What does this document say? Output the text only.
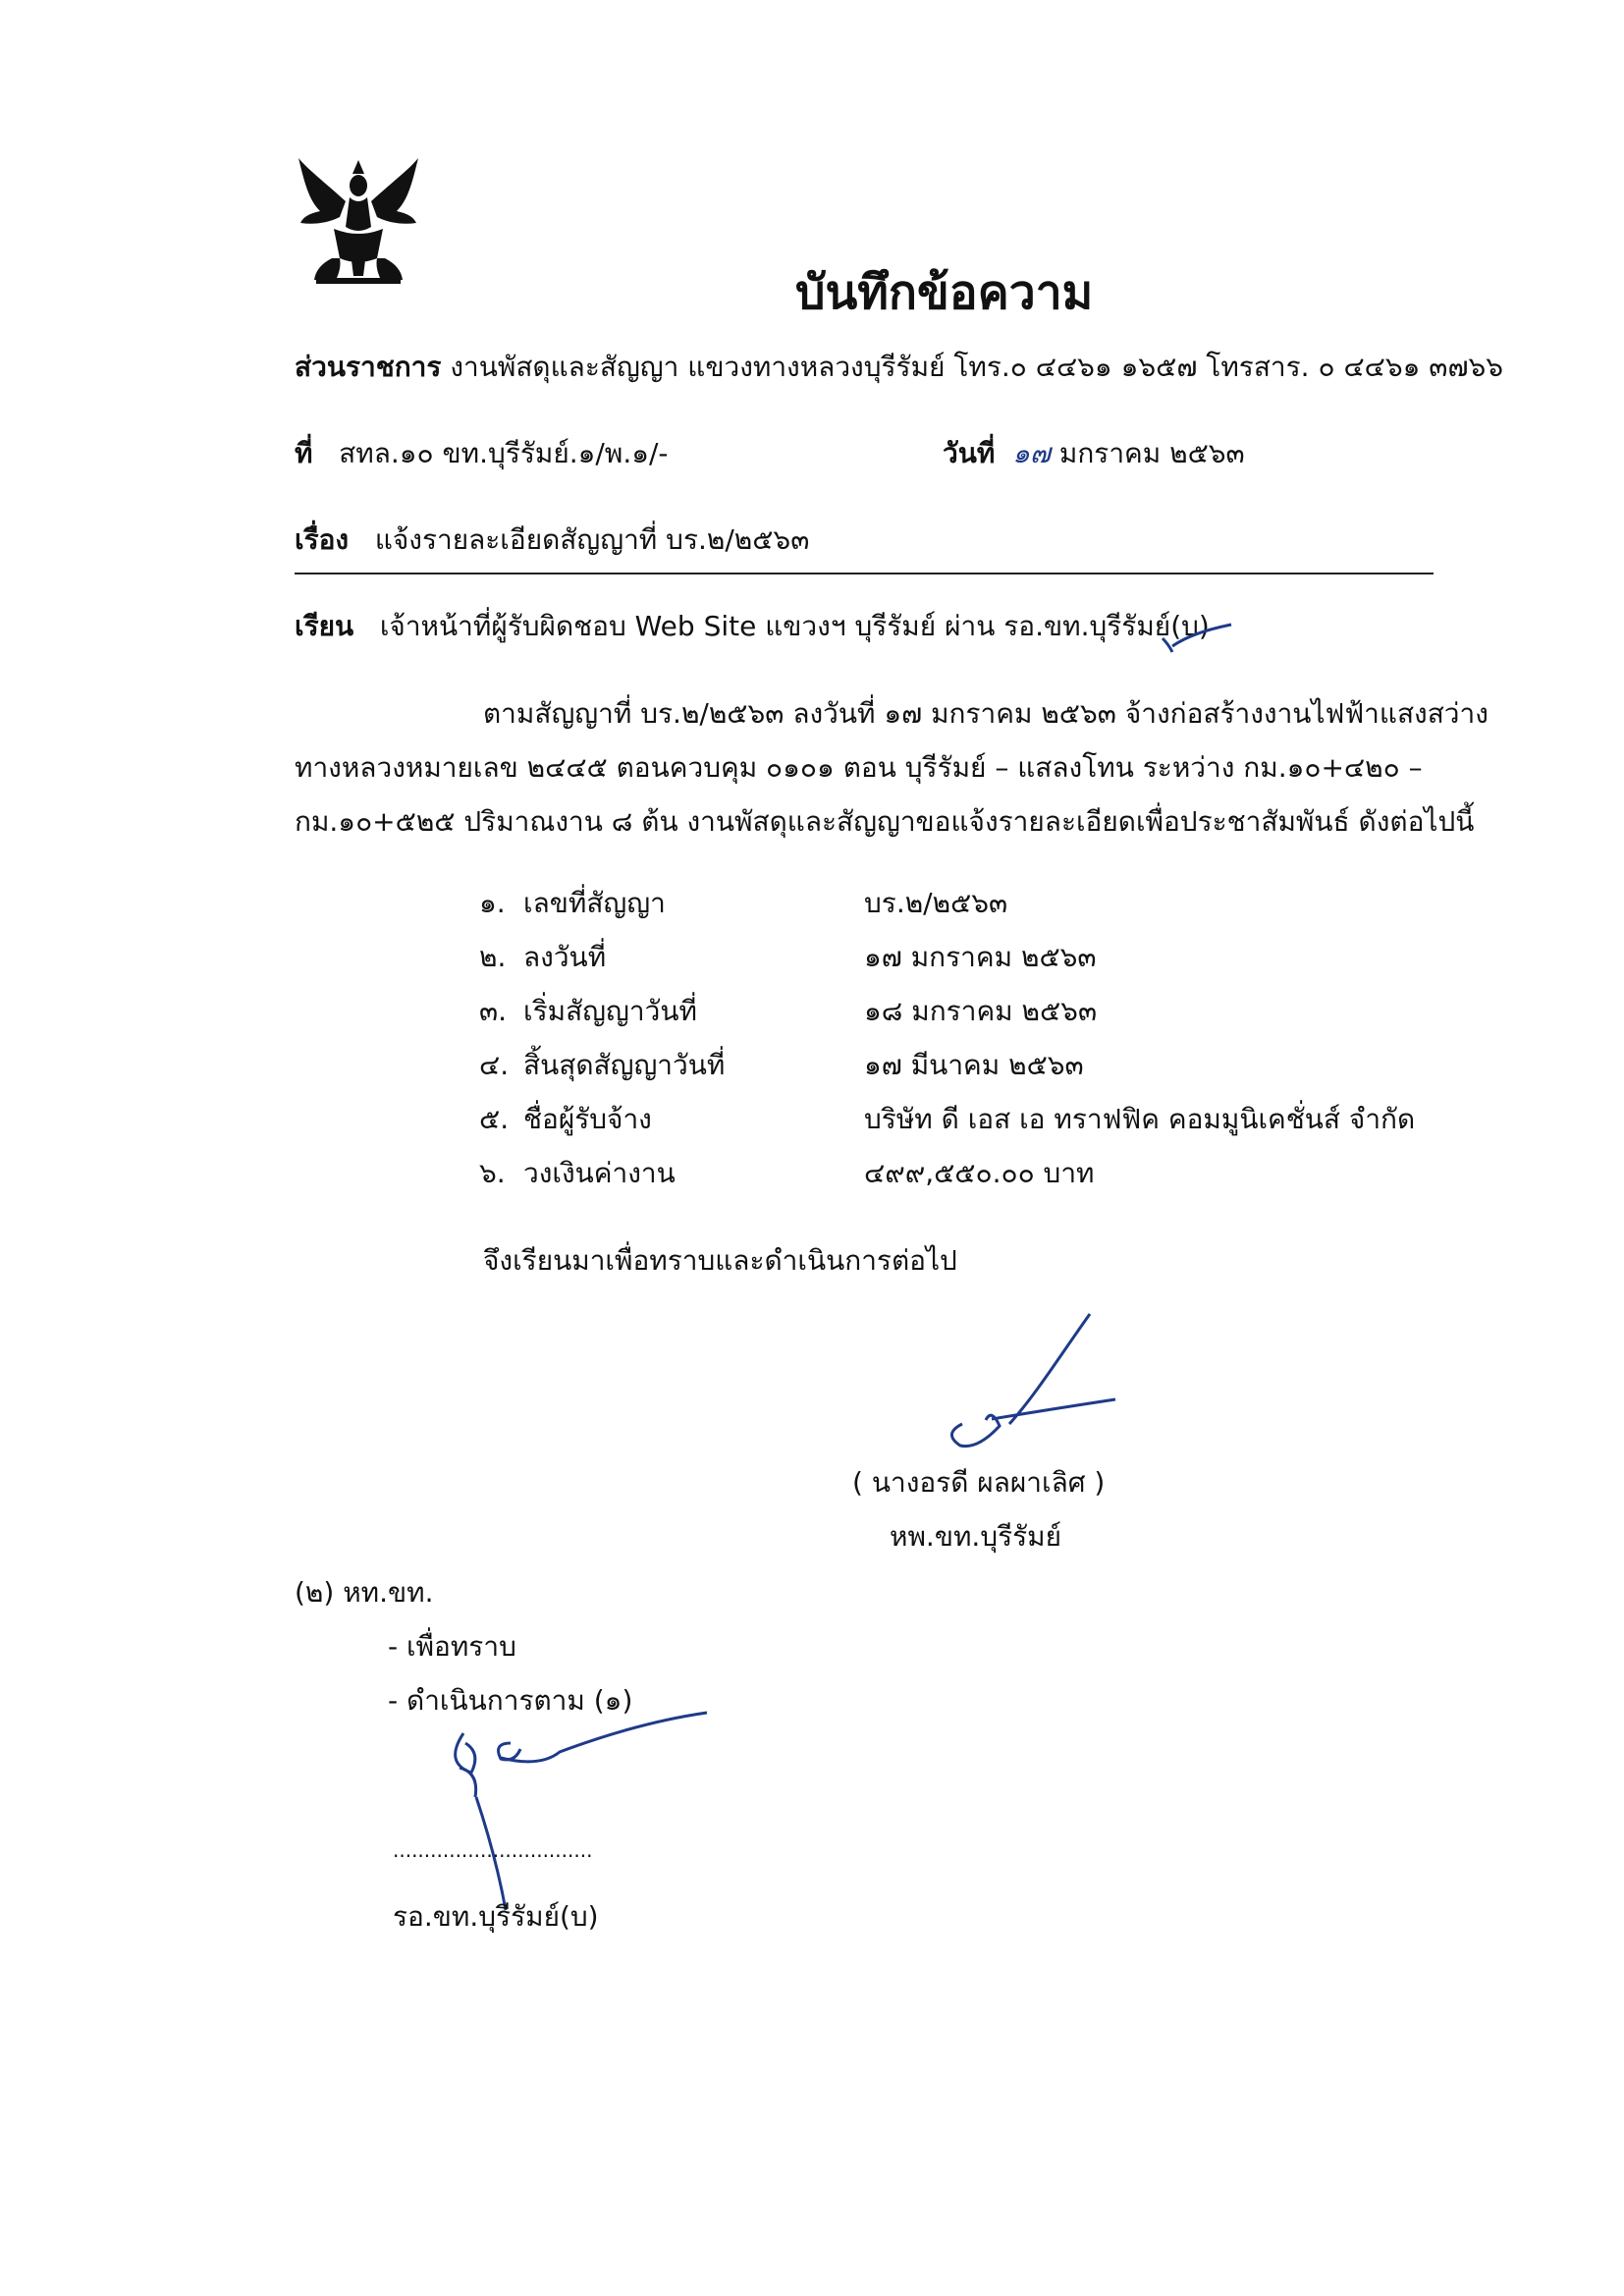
บันทึกข้อความ
ส่วนราชการ งานพัสดุและสัญญา แขวงทางหลวงบุรีรัมย์ โทร.๐ ๔๔๖๑ ๑๖๕๗ โทรสาร. ๐ ๔๔๖๑ ๓๗๖๖
ที่ สทล.๑๐ ขท.บุรีรัมย์.๑/พ.๑/-	วันที่ ๑๗ มกราคม ๒๕๖๓
เรื่อง แจ้งรายละเอียดสัญญาที่ บร.๒/๒๕๖๓
เรียน เจ้าหน้าที่ผู้รับผิดชอบ Web Site แขวงฯ บุรีรัมย์ ผ่าน รอ.ขท.บุรีรัมย์(บ)
ตามสัญญาที่ บร.๒/๒๕๖๓ ลงวันที่ ๑๗ มกราคม ๒๕๖๓ จ้างก่อสร้างงานไฟฟ้าแสงสว่าง
ทางหลวงหมายเลข ๒๔๔๕ ตอนควบคุม ๐๑๐๑ ตอน บุรีรัมย์ – แสลงโทน ระหว่าง กม.๑๐+๔๒๐ –
กม.๑๐+๕๒๕ ปริมาณงาน ๘ ต้น งานพัสดุและสัญญาขอแจ้งรายละเอียดเพื่อประชาสัมพันธ์ ดังต่อไปนี้
๑. เลขที่สัญญา	บร.๒/๒๕๖๓
๒. ลงวันที่	๑๗ มกราคม ๒๕๖๓
๓. เริ่มสัญญาวันที่	๑๘ มกราคม ๒๕๖๓
๔. สิ้นสุดสัญญาวันที่	๑๗ มีนาคม ๒๕๖๓
๕. ชื่อผู้รับจ้าง	บริษัท ดี เอส เอ ทราฟฟิค คอมมูนิเคชั่นส์ จำกัด
๖. วงเงินค่างาน	๔๙๙,๕๕๐.๐๐ บาท
จึงเรียนมาเพื่อทราบและดำเนินการต่อไป
( นางอรดี ผลผาเลิศ )
หพ.ขท.บุรีรัมย์
(๒) หท.ขท.
- เพื่อทราบ
- ดำเนินการตาม (๑)
................................
รอ.ขท.บุรีรัมย์(บ)
